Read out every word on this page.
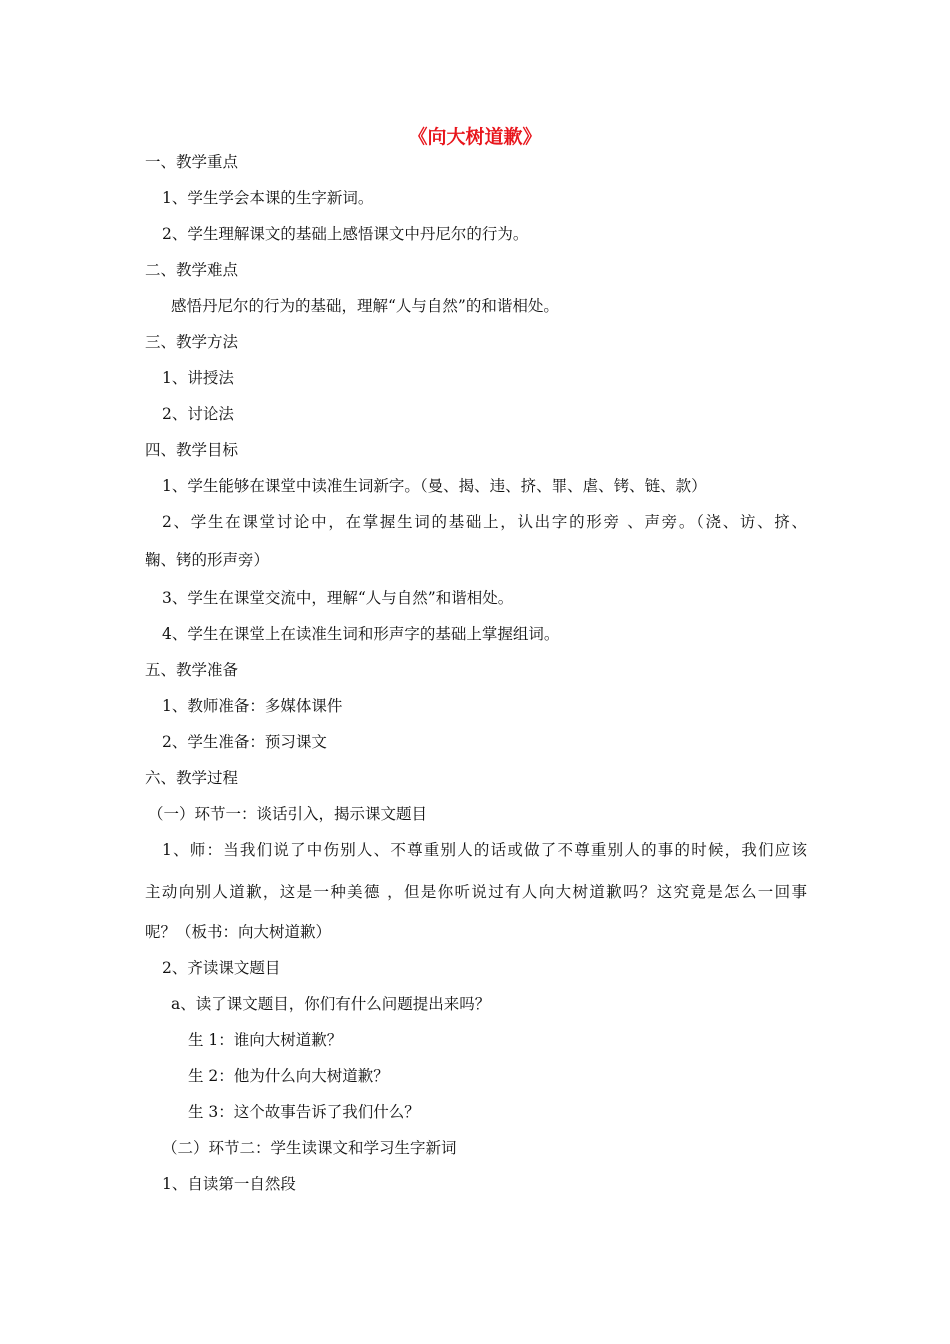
《向大树道歉》
一、教学重点
1、学生学会本课的生字新词。
2、学生理解课文的基础上感悟课文中丹尼尔的行为。
二、教学难点
感悟丹尼尔的行为的基础，理解“人与自然”的和谐相处。
三、教学方法
1、讲授法
2、讨论法
四、教学目标
1、学生能够在课堂中读准生词新字。（曼、揭、违、挤、罪、虐、铐、链、款）
2、学生在课堂讨论中，在掌握生词的基础上，认出字的形旁 、声旁。（浇、访、挤、
鞠、铐的形声旁）
3、学生在课堂交流中，理解“人与自然”和谐相处。
4、学生在课堂上在读准生词和形声字的基础上掌握组词。
五、教学准备
1、教师准备：多媒体课件
2、学生准备：预习课文
六、教学过程
（一）环节一：谈话引入，揭示课文题目
1、师：当我们说了中伤别人、不尊重别人的话或做了不尊重别人的事的时候，我们应该
主动向别人道歉，这是一种美德 ，但是你听说过有人向大树道歉吗？这究竟是怎么一回事
呢？（板书：向大树道歉）
2、齐读课文题目
a、读了课文题目，你们有什么问题提出来吗？
生 1：谁向大树道歉？
生 2：他为什么向大树道歉？
生 3：这个故事告诉了我们什么？
（二）环节二：学生读课文和学习生字新词
1、自读第一自然段
